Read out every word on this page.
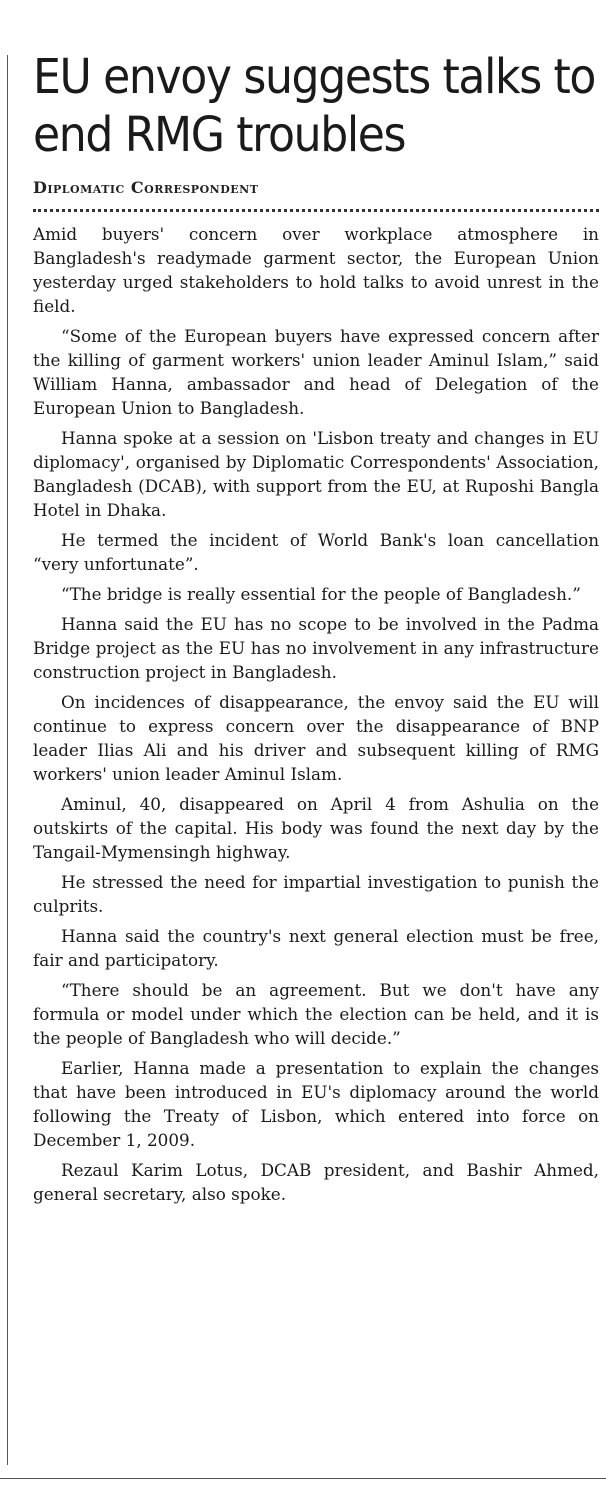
EU envoy suggests talks to end RMG troubles
Diplomatic Correspondent

Amid buyers' concern over workplace atmosphere in Bangladesh's readymade garment sector, the European Union yesterday urged stakeholders to hold talks to avoid unrest in the field.

“Some of the European buyers have expressed concern after the killing of garment workers' union leader Aminul Islam,” said William Hanna, ambassador and head of Delegation of the European Union to Bangladesh.

Hanna spoke at a session on 'Lisbon treaty and changes in EU diplomacy', organised by Diplomatic Correspondents' Association, Bangladesh (DCAB), with support from the EU, at Ruposhi Bangla Hotel in Dhaka.

He termed the incident of World Bank's loan cancellation “very unfortunate”.

“The bridge is really essential for the people of Bangladesh.”

Hanna said the EU has no scope to be involved in the Padma Bridge project as the EU has no involvement in any infrastructure construction project in Bangladesh.

On incidences of disappearance, the envoy said the EU will continue to express concern over the disappearance of BNP leader Ilias Ali and his driver and subsequent killing of RMG workers' union leader Aminul Islam.

Aminul, 40, disappeared on April 4 from Ashulia on the outskirts of the capital. His body was found the next day by the Tangail-Mymensingh highway.

He stressed the need for impartial investigation to punish the culprits.

Hanna said the country's next general election must be free, fair and participatory.

“There should be an agreement. But we don't have any formula or model under which the election can be held, and it is the people of Bangladesh who will decide.”

Earlier, Hanna made a presentation to explain the changes that have been introduced in EU's diplomacy around the world following the Treaty of Lisbon, which entered into force on December 1, 2009.

Rezaul Karim Lotus, DCAB president, and Bashir Ahmed, general secretary, also spoke.
